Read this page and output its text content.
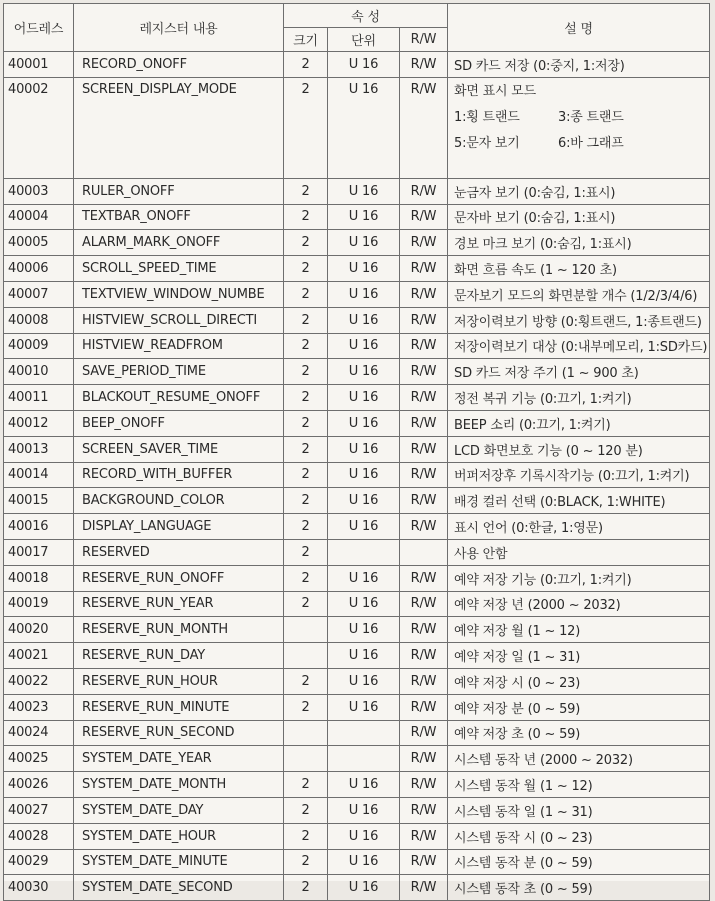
어드레스	레지스터 내용	속 성			설 명
		크기	단위	R/W	
40001	RECORD_ONOFF	2	U 16	R/W	SD 카드 저장 (0:중지, 1:저장)
40002	SCREEN_DISPLAY_MODE	2	U 16	R/W	화면 표시 모드
1:횡 트랜드 3:종 트랜드
5:문자 보기 6:바 그래프

40003	RULER_ONOFF	2	U 16	R/W	눈금자 보기 (0:숨김, 1:표시)
40004	TEXTBAR_ONOFF	2	U 16	R/W	문자바 보기 (0:숨김, 1:표시)
40005	ALARM_MARK_ONOFF	2	U 16	R/W	경보 마크 보기 (0:숨김, 1:표시)
40006	SCROLL_SPEED_TIME	2	U 16	R/W	화면 흐름 속도 (1 ~ 120 초)
40007	TEXTVIEW_WINDOW_NUMBE	2	U 16	R/W	문자보기 모드의 화면분할 개수 (1/2/3/4/6)
40008	HISTVIEW_SCROLL_DIRECTI	2	U 16	R/W	저장이력보기 방향 (0:횡트랜드, 1:종트랜드)
40009	HISTVIEW_READFROM	2	U 16	R/W	저장이력보기 대상 (0:내부메모리, 1:SD카드)
40010	SAVE_PERIOD_TIME	2	U 16	R/W	SD 카드 저장 주기 (1 ~ 900 초)
40011	BLACKOUT_RESUME_ONOFF	2	U 16	R/W	정전 복귀 기능 (0:끄기, 1:켜기)
40012	BEEP_ONOFF	2	U 16	R/W	BEEP 소리 (0:끄기, 1:켜기)
40013	SCREEN_SAVER_TIME	2	U 16	R/W	LCD 화면보호 기능 (0 ~ 120 분)
40014	RECORD_WITH_BUFFER	2	U 16	R/W	버퍼저장후 기록시작기능 (0:끄기, 1:켜기)
40015	BACKGROUND_COLOR	2	U 16	R/W	배경 컬러 선택 (0:BLACK, 1:WHITE)
40016	DISPLAY_LANGUAGE	2	U 16	R/W	표시 언어 (0:한글, 1:영문)
40017	RESERVED	2			사용 안함
40018	RESERVE_RUN_ONOFF	2	U 16	R/W	예약 저장 기능 (0:끄기, 1:켜기)
40019	RESERVE_RUN_YEAR	2	U 16	R/W	예약 저장 년 (2000 ~ 2032)
40020	RESERVE_RUN_MONTH		U 16	R/W	예약 저장 월 (1 ~ 12)
40021	RESERVE_RUN_DAY		U 16	R/W	예약 저장 일 (1 ~ 31)
40022	RESERVE_RUN_HOUR	2	U 16	R/W	예약 저장 시 (0 ~ 23)
40023	RESERVE_RUN_MINUTE	2	U 16	R/W	예약 저장 분 (0 ~ 59)
40024	RESERVE_RUN_SECOND			R/W	예약 저장 초 (0 ~ 59)
40025	SYSTEM_DATE_YEAR			R/W	시스템 동작 년 (2000 ~ 2032)
40026	SYSTEM_DATE_MONTH	2	U 16	R/W	시스템 동작 월 (1 ~ 12)
40027	SYSTEM_DATE_DAY	2	U 16	R/W	시스템 동작 일 (1 ~ 31)
40028	SYSTEM_DATE_HOUR	2	U 16	R/W	시스템 동작 시 (0 ~ 23)
40029	SYSTEM_DATE_MINUTE	2	U 16	R/W	시스템 동작 분 (0 ~ 59)
40030	SYSTEM_DATE_SECOND	2	U 16	R/W	시스템 동작 초 (0 ~ 59)
